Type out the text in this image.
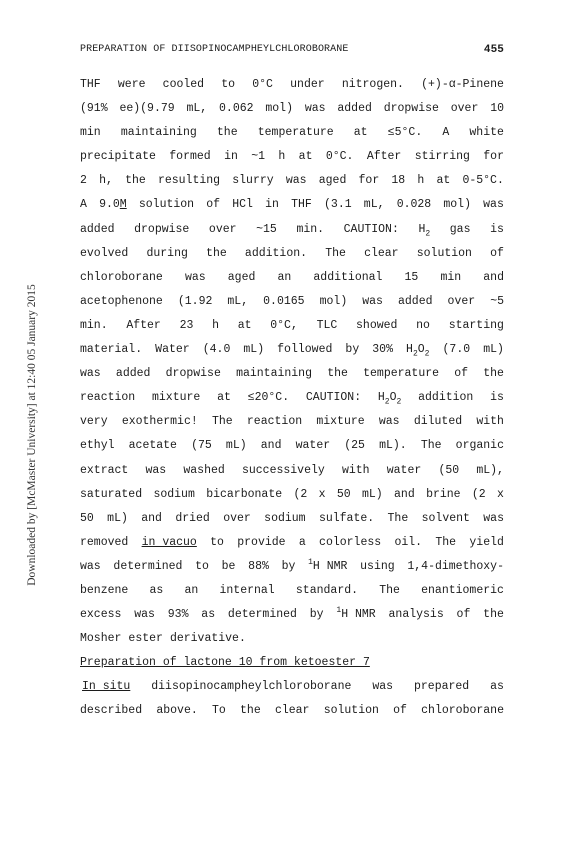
Downloaded by [McMaster University] at 12:40 05 January 2015
PREPARATION OF DIISOPINOCAMPHEYLCHLOROBORANE	455
THF were cooled to 0°C under nitrogen. (+)-α-Pinene
(91% ee)(9.79 mL, 0.062 mol) was added dropwise over 10
min maintaining the temperature at ≤5°C. A white
precipitate formed in ~1 h at 0°C. After stirring for
2 h, the resulting slurry was aged for 18 h at 0-5°C.
A 9.0M solution of HCl in THF (3.1 mL, 0.028 mol) was
added dropwise over ~15 min. CAUTION: $H_2$ gas is
evolved during the addition. The clear solution of
chloroborane was aged an additional 15 min and
acetophenone (1.92 mL, 0.0165 mol) was added over ~5
min. After 23 h at 0°C, TLC showed no starting
material. Water (4.0 mL) followed by 30% $H_2O_2$ (7.0 mL)
was added dropwise maintaining the temperature of the
reaction mixture at ≤20°C. CAUTION: $H_2O_2$ addition is
very exothermic! The reaction mixture was diluted with
ethyl acetate (75 mL) and water (25 mL). The organic
extract was washed successively with water (50 mL),
saturated sodium bicarbonate (2 x 50 mL) and brine (2 x
50 mL) and dried over sodium sulfate. The solvent was
removed in vacuo to provide a colorless oil. The yield
was determined to be 88% by $^1$H NMR using 1,4-dimethoxy-
benzene as an internal standard. The enantiomeric
excess was 93% as determined by $^1$H NMR analysis of the
Mosher ester derivative.
Preparation of lactone 10 from ketoester 7
In situ diisopinocampheylchloroborane was prepared as
described above. To the clear solution of chloroborane
